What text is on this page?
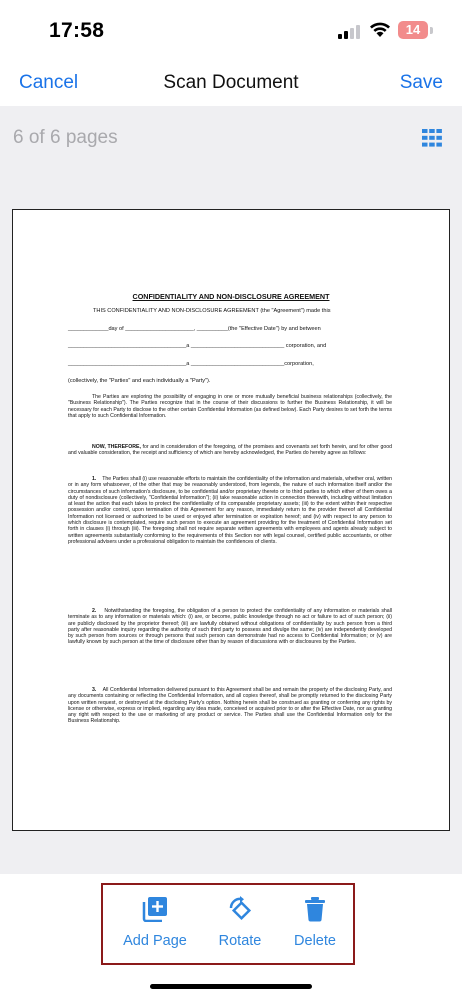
17:58	14
Scan Document
Cancel	Save
6 of 6 pages
CONFIDENTIALITY AND NON-DISCLOSURE AGREEMENT
THIS CONFIDENTIALITY AND NON-DISCLOSURE AGREEMENT (the "Agreement") made this
_____________day of ______________________, __________(the "Effective Date") by and between
______________________________________a ______________________________ corporation, and
______________________________________a ______________________________corporation,
(collectively, the "Parties" and each individually a "Party").
The Parties are exploring the possibility of engaging in one or more mutually beneficial business relationships (collectively, the "Business Relationship"). The Parties recognize that in the course of their discussions to further the Business Relationship, it will be necessary for each Party to disclose to the other certain Confidential Information (as defined below). Each Party desires to set forth the terms that apply to such Confidential Information.
NOW, THEREFORE, for and in consideration of the foregoing, of the promises and covenants set forth herein, and for other good and valuable consideration, the receipt and sufficiency of which are hereby acknowledged, the Parties do hereby agree as follows:
1. The Parties shall (i) use reasonable efforts to maintain the confidentiality of the information and materials, whether oral, written or in any form whatsoever, of the other that may be reasonably understood, from legends, the nature of such information itself and/or the circumstances of such information's disclosure, to be confidential and/or proprietary thereto or to third parties to which either of them owes a duty of nondisclosure (collectively, "Confidential Information"); (ii) take reasonable action in connection therewith, including without limitation at least the action that each takes to protect the confidentiality of its comparable proprietary assets; (iii) to the extent within their respective possession and/or control, upon termination of this Agreement for any reason, immediately return to the provider thereof all Confidential Information not licensed or authorized to be used or enjoyed after termination or expiration hereof; and (iv) with respect to any person to which disclosure is contemplated, require such person to execute an agreement providing for the treatment of Confidential Information set forth in clauses (i) through (iii). The foregoing shall not require separate written agreements with employees and agents already subject to written agreements substantially conforming to the requirements of this Section nor with legal counsel, certified public accountants, or other professional advisers under a professional obligation to maintain the confidences of clients.
2. Notwithstanding the foregoing, the obligation of a person to protect the confidentiality of any information or materials shall terminate as to any information or materials which: (i) are, or become, public knowledge through no act or failure to act of such person; (ii) are publicly disclosed by the proprietor thereof; (iii) are lawfully obtained without obligations of confidentiality by such person from a third party after reasonable inquiry regarding the authority of such third party to possess and divulge the same; (iv) are independently developed by such person from sources or through persons that such person can demonstrate had no access to Confidential Information; or (v) are lawfully known by such person at the time of disclosure other than by reason of discussions with or disclosures by the Parties.
3. All Confidential Information delivered pursuant to this Agreement shall be and remain the property of the disclosing Party, and any documents containing or reflecting the Confidential Information, and all copies thereof, shall be promptly returned to the disclosing Party upon written request, or destroyed at the disclosing Party's option. Nothing herein shall be construed as granting or conferring any rights by license or otherwise, express or implied, regarding any idea made, conceived or acquired prior to or after the Effective Date, nor as granting any right with respect to the use or marketing of any product or service. The Parties shall use the Confidential Information only for the Business Relationship.
Add Page	Rotate	Delete
